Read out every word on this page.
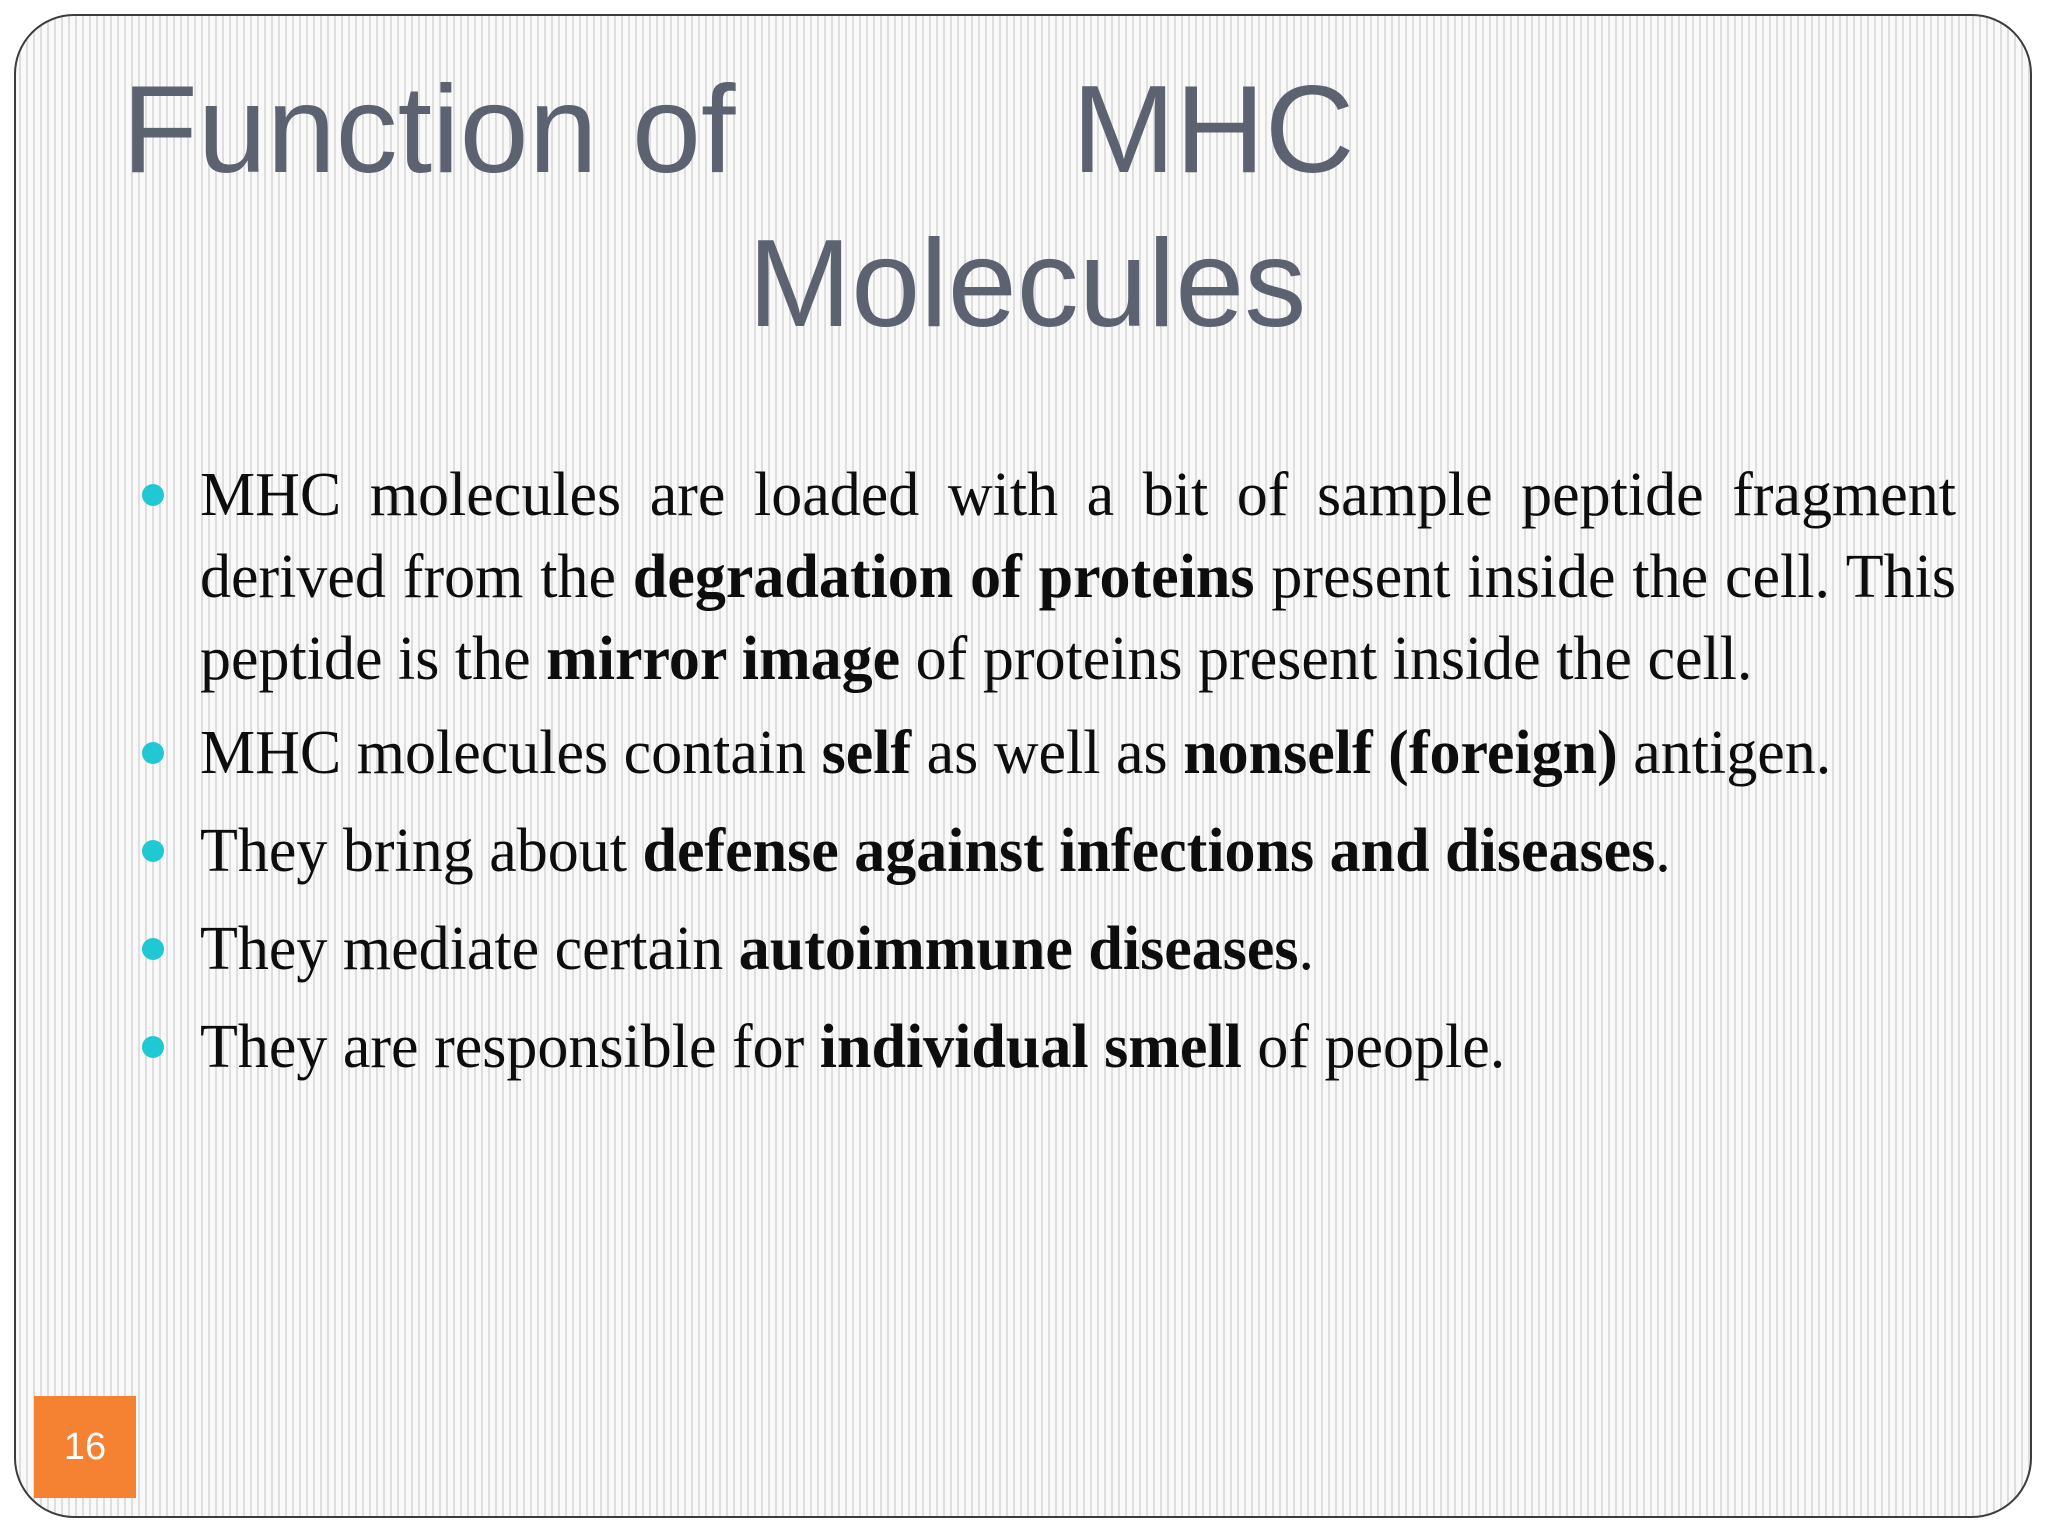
Function of	MHC
Molecules
MHC molecules are loaded with a bit of sample peptide fragment derived from the degradation of proteins present inside the cell. This peptide is the mirror image of proteins present inside the cell.
MHC molecules contain self as well as nonself (foreign) antigen.
They bring about defense against infections and diseases.
They mediate certain autoimmune diseases.
They are responsible for individual smell of people.
16
